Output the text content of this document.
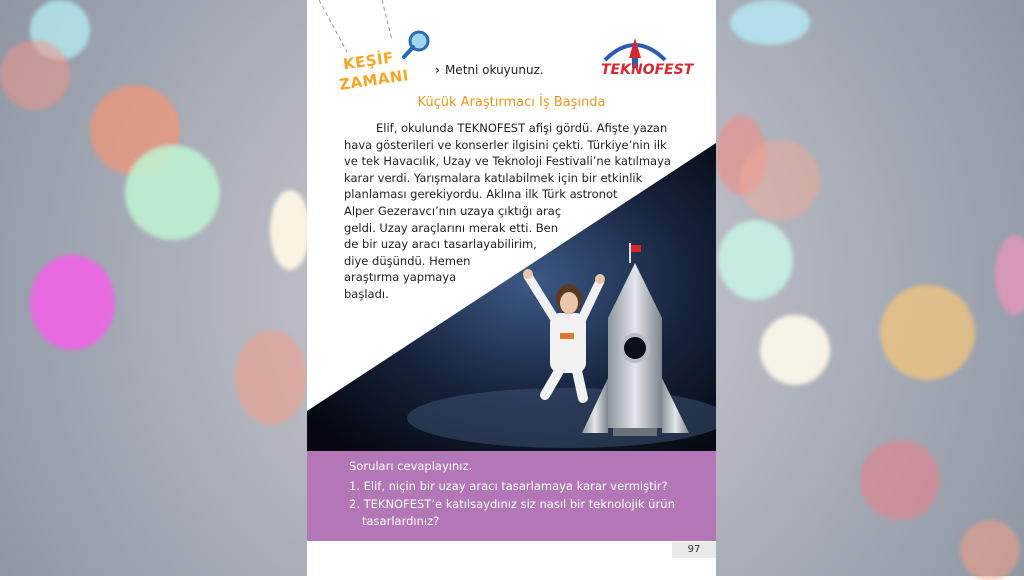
KEŞİF
ZAMANI › Metni okuyunuz.	TEKNOFEST
Küçük Araştırmacı İş Başında
Elif, okulunda TEKNOFEST afişi gördü. Afişte yazan
hava gösterileri ve konserler ilgisini çekti. Türkiye’nin ilk
ve tek Havacılık, Uzay ve Teknoloji Festivali’ne katılmaya
karar verdi. Yarışmalara katılabilmek için bir etkinlik
planlaması gerekiyordu. Aklına ilk Türk astronot
Alper Gezeravcı’nın uzaya çıktığı araç
geldi. Uzay araçlarını merak etti. Ben
de bir uzay aracı tasarlayabilirim,
diye düşündü. Hemen
araştırma yapmaya
başladı.
Soruları cevaplayınız.
1. Elif, niçin bir uzay aracı tasarlamaya karar vermiştir?
2. TEKNOFEST’e katılsaydınız siz nasıl bir teknolojik ürün
tasarlardınız?
97
